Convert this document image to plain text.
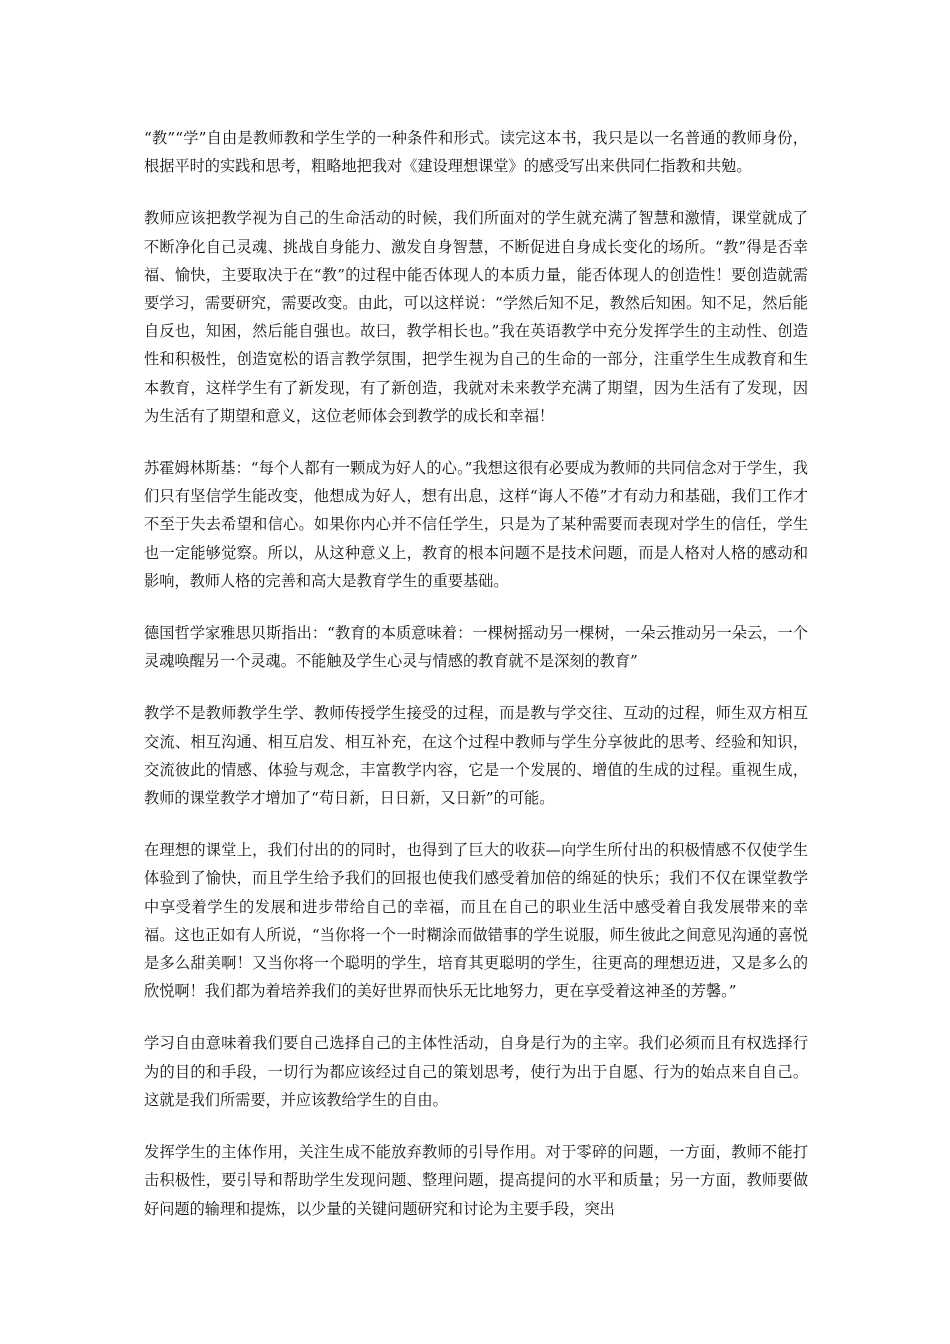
“教”“学”自由是教师教和学生学的一种条件和形式。读完这本书，我只是以一名普通的教师身份，根据平时的实践和思考，粗略地把我对《建设理想课堂》的感受写出来供同仁指教和共勉。

教师应该把教学视为自己的生命活动的时候，我们所面对的学生就充满了智慧和激情，课堂就成了不断净化自己灵魂、挑战自身能力、激发自身智慧，不断促进自身成长变化的场所。“教”得是否幸福、愉快，主要取决于在“教”的过程中能否体现人的本质力量，能否体现人的创造性！要创造就需要学习，需要研究，需要改变。由此，可以这样说：“学然后知不足，教然后知困。知不足，然后能自反也，知困，然后能自强也。故曰，教学相长也。”我在英语教学中充分发挥学生的主动性、创造性和积极性，创造宽松的语言教学氛围，把学生视为自己的生命的一部分，注重学生生成教育和生本教育，这样学生有了新发现，有了新创造，我就对未来教学充满了期望，因为生活有了发现，因为生活有了期望和意义，这位老师体会到教学的成长和幸福！

苏霍姆林斯基：“每个人都有一颗成为好人的心。”我想这很有必要成为教师的共同信念对于学生，我们只有坚信学生能改变，他想成为好人，想有出息，这样“诲人不倦”才有动力和基础，我们工作才不至于失去希望和信心。如果你内心并不信任学生，只是为了某种需要而表现对学生的信任，学生也一定能够觉察。所以，从这种意义上，教育的根本问题不是技术问题，而是人格对人格的感动和影响，教师人格的完善和高大是教育学生的重要基础。

德国哲学家雅思贝斯指出：“教育的本质意味着：一棵树摇动另一棵树，一朵云推动另一朵云，一个灵魂唤醒另一个灵魂。不能触及学生心灵与情感的教育就不是深刻的教育”

教学不是教师教学生学、教师传授学生接受的过程，而是教与学交往、互动的过程，师生双方相互交流、相互沟通、相互启发、相互补充，在这个过程中教师与学生分享彼此的思考、经验和知识，交流彼此的情感、体验与观念，丰富教学内容，它是一个发展的、增值的生成的过程。重视生成，教师的课堂教学才增加了“苟日新，日日新，又日新”的可能。

在理想的课堂上，我们付出的的同时，也得到了巨大的收获—向学生所付出的积极情感不仅使学生体验到了愉快，而且学生给予我们的回报也使我们感受着加倍的绵延的快乐；我们不仅在课堂教学中享受着学生的发展和进步带给自己的幸福，而且在自己的职业生活中感受着自我发展带来的幸福。这也正如有人所说，“当你将一个一时糊涂而做错事的学生说服，师生彼此之间意见沟通的喜悦是多么甜美啊！又当你将一个聪明的学生，培育其更聪明的学生，往更高的理想迈进，又是多么的欣悦啊！我们都为着培养我们的美好世界而快乐无比地努力，更在享受着这神圣的芳馨。”

学习自由意味着我们要自己选择自己的主体性活动，自身是行为的主宰。我们必须而且有权选择行为的目的和手段，一切行为都应该经过自己的策划思考，使行为出于自愿、行为的始点来自自己。这就是我们所需要，并应该教给学生的自由。

发挥学生的主体作用，关注生成不能放弃教师的引导作用。对于零碎的问题，一方面，教师不能打击积极性，要引导和帮助学生发现问题、整理问题，提高提问的水平和质量；另一方面，教师要做好问题的输理和提炼，以少量的关键问题研究和讨论为主要手段，突出
